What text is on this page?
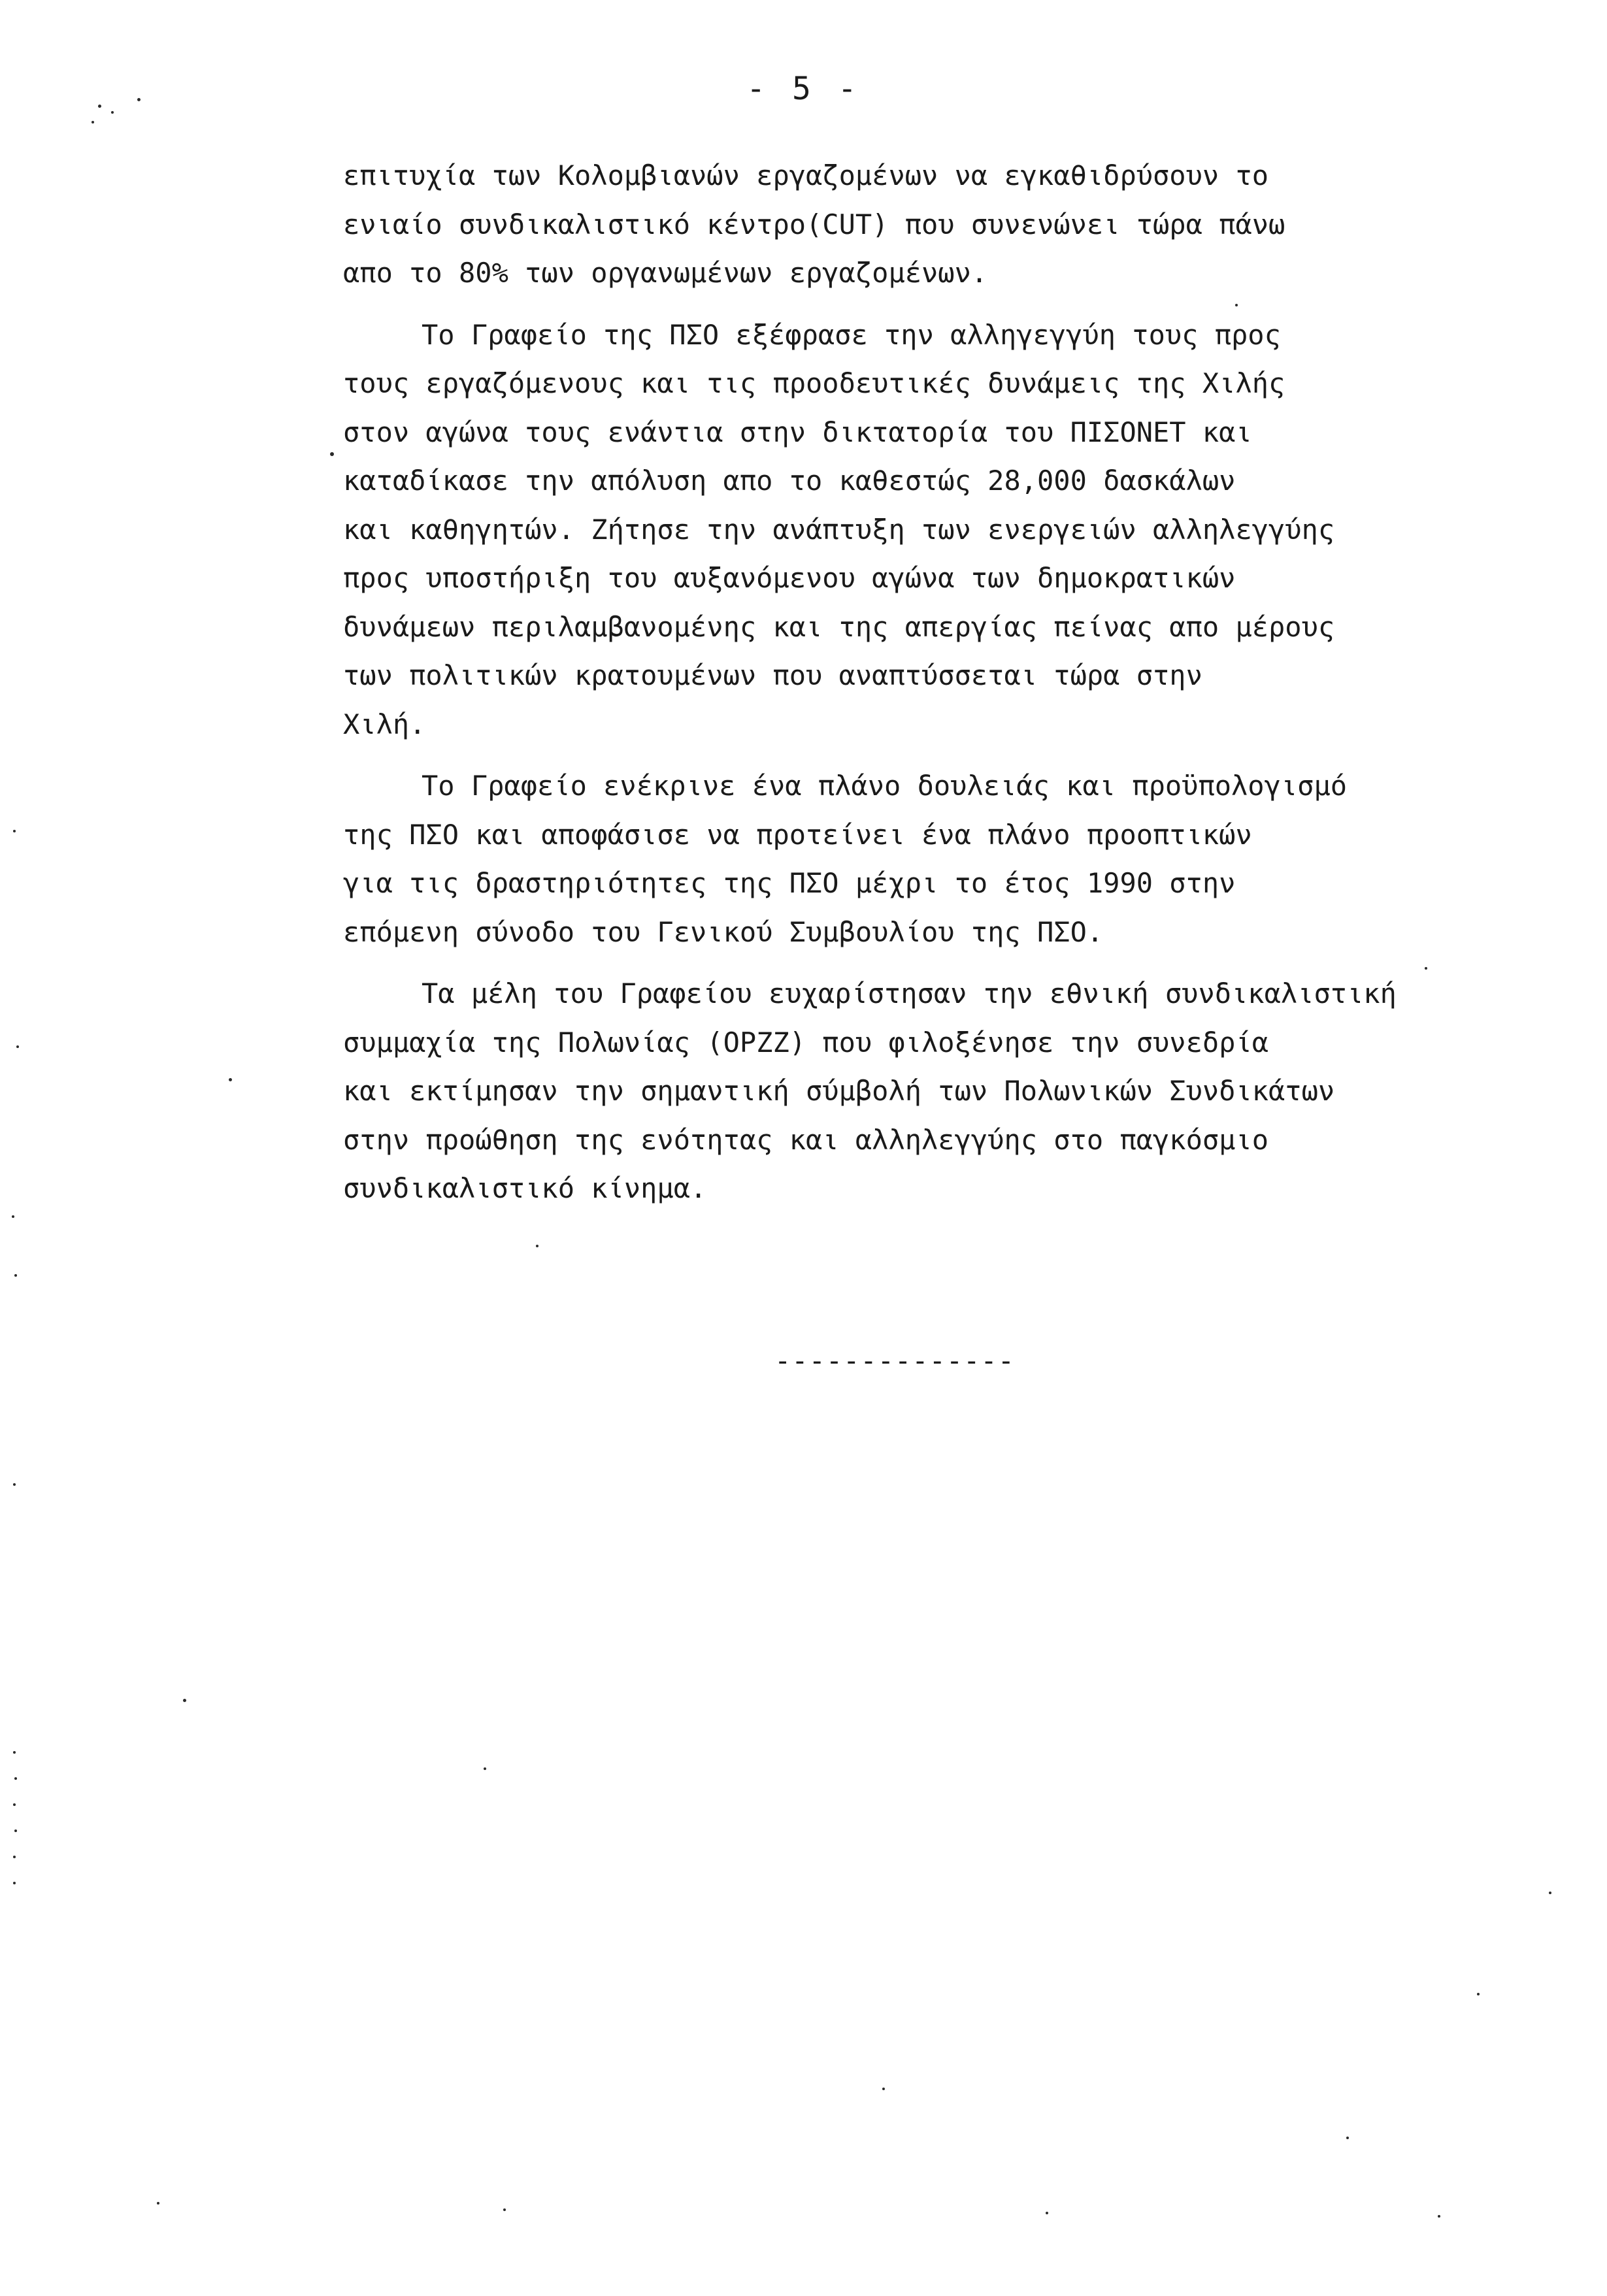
- 5 -

επιτυχία των Κολομβιανών εργαζομένων να εγκαθιδρύσουν το
ενιαίο συνδικαλιστικό κέντρο(CUT) που συνενώνει τώρα πάνω
απο το 80% των οργανωμένων εργαζομένων.

Το Γραφείο της ΠΣΟ εξέφρασε την αλληγεγγύη τους προς
τους εργαζόμενους και τις προοδευτικές δυνάμεις της Χιλής
στον αγώνα τους ενάντια στην δικτατορία του ΠΙΣΟΝΕΤ και
καταδίκασε την απόλυση απο το καθεστώς 28,000 δασκάλων
και καθηγητών. Ζήτησε την ανάπτυξη των ενεργειών αλληλεγγύης
προς υποστήριξη του αυξανόμενου αγώνα των δημοκρατικών
δυνάμεων περιλαμβανομένης και της απεργίας πείνας απο μέρους
των πολιτικών κρατουμένων που αναπτύσσεται τώρα στην
Χιλή.

Το Γραφείο ενέκρινε ένα πλάνο δουλειάς και προϋπολογισμό
της ΠΣΟ και αποφάσισε να προτείνει ένα πλάνο προοπτικών
για τις δραστηριότητες της ΠΣΟ μέχρι το έτος 1990 στην
επόμενη σύνοδο του Γενικού Συμβουλίου της ΠΣΟ.

Τα μέλη του Γραφείου ευχαρίστησαν την εθνική συνδικαλιστική
συμμαχία της Πολωνίας (OPZZ) που φιλοξένησε την συνεδρία
και εκτίμησαν την σημαντική σύμβολή των Πολωνικών Συνδικάτων
στην προώθηση της ενότητας και αλληλεγγύης στο παγκόσμιο
συνδικαλιστικό κίνημα.

--------------
